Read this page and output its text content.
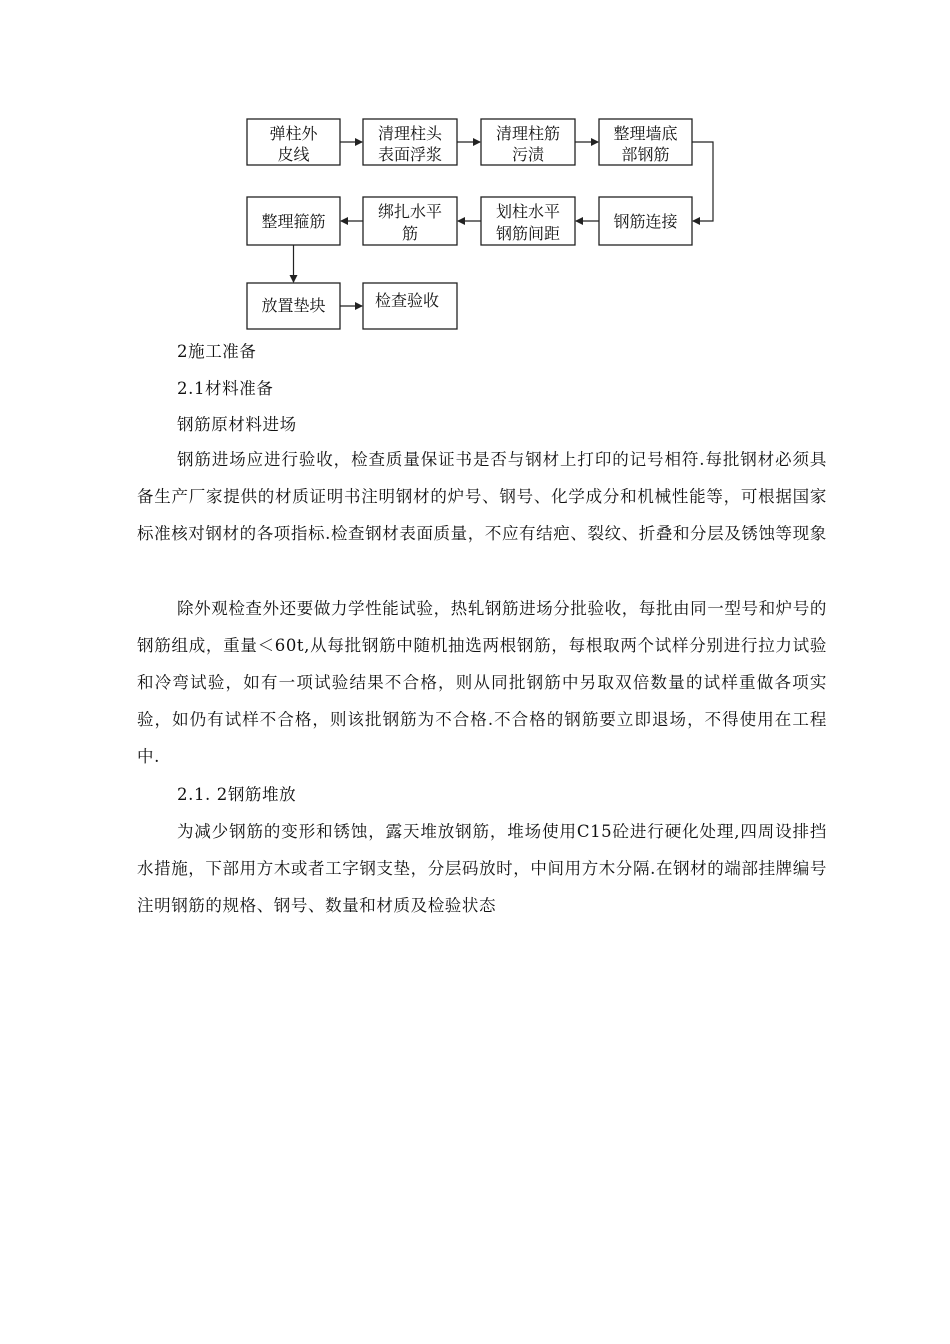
弹柱外
皮线
清理柱头
表面浮浆
清理柱筋
污渍
整理墙底
部钢筋
钢筋连接
划柱水平
钢筋间距
绑扎水平
筋
整理箍筋
放置垫块	检查验收

2施工准备

2.1材料准备

钢筋原材料进场

钢筋进场应进行验收，检查质量保证书是否与钢材上打印的记号相符.每批钢材必须具备生产厂家提供的材质证明书注明钢材的炉号、钢号、化学成分和机械性能等，可根据国家标准核对钢材的各项指标.检查钢材表面质量，不应有结疤、裂纹、折叠和分层及锈蚀等现象

除外观检查外还要做力学性能试验，热轧钢筋进场分批验收，每批由同一型号和炉号的钢筋组成，重量＜60t,从每批钢筋中随机抽选两根钢筋，每根取两个试样分别进行拉力试验和冷弯试验，如有一项试验结果不合格，则从同批钢筋中另取双倍数量的试样重做各项实验，如仍有试样不合格，则该批钢筋为不合格.不合格的钢筋要立即退场，不得使用在工程中.

2.1. 2钢筋堆放

为减少钢筋的变形和锈蚀，露天堆放钢筋，堆场使用C15砼进行硬化处理,四周设排挡水措施，下部用方木或者工字钢支垫，分层码放时，中间用方木分隔.在钢材的端部挂牌编号注明钢筋的规格、钢号、数量和材质及检验状态
